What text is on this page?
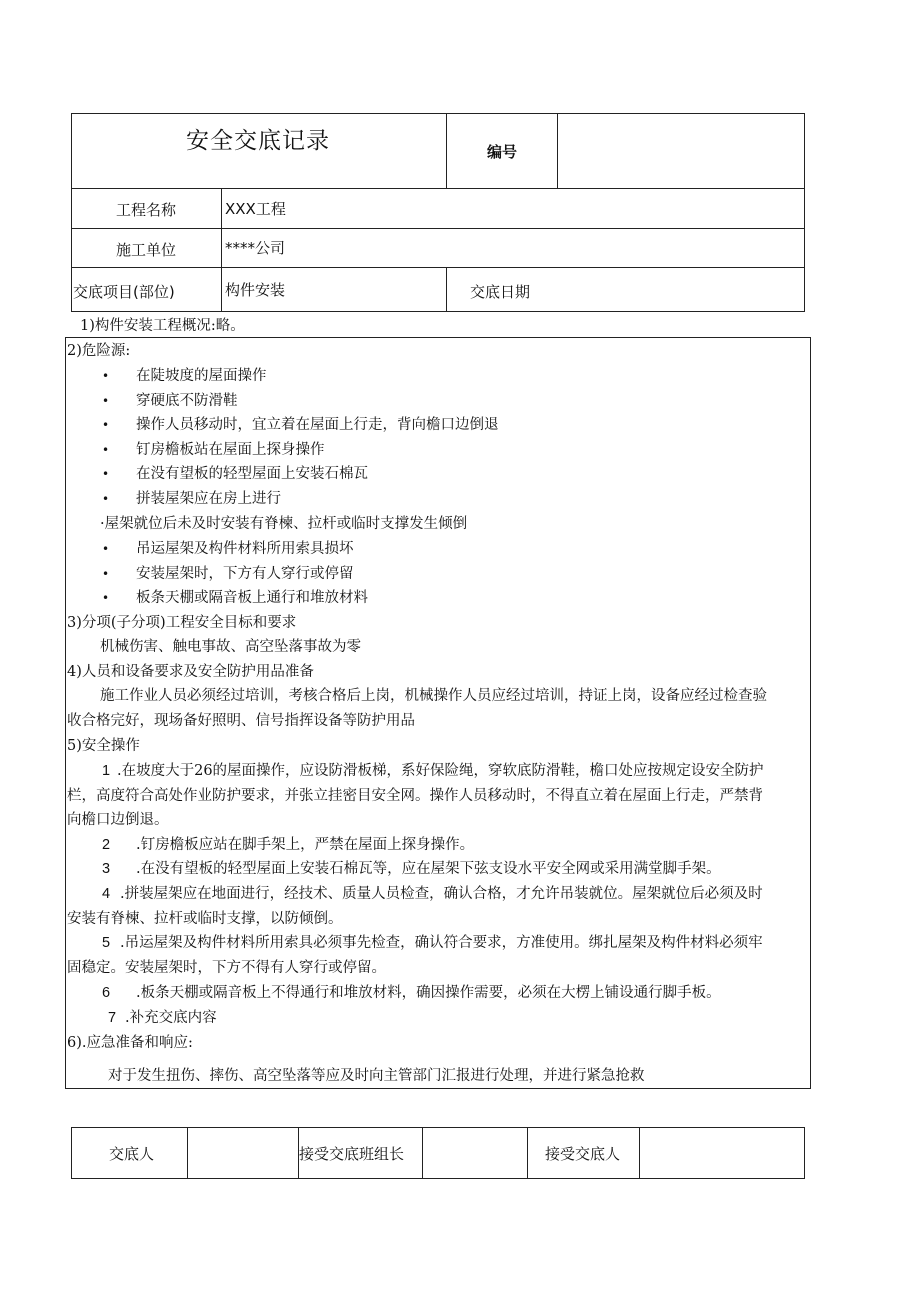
安全交底记录	编号
工程名称	XXX工程
施工单位	****公司
交底项目(部位)	构件安装	交底日期
1)构件安装工程概况:略。
2)危险源:
• 在陡坡度的屋面操作
• 穿硬底不防滑鞋
• 操作人员移动时，宜立着在屋面上行走，背向檐口边倒退
• 钉房檐板站在屋面上探身操作
• 在没有望板的轻型屋面上安装石棉瓦
• 拼装屋架应在房上进行
·屋架就位后未及时安装有脊楝、拉杆或临时支撑发生倾倒
• 吊运屋架及构件材料所用索具损坏
• 安装屋架时，下方有人穿行或停留
• 板条天棚或隔音板上通行和堆放材料
3)分项(子分项)工程安全目标和要求
机械伤害、触电事故、高空坠落事故为零
4)人员和设备要求及安全防护用品准备
施工作业人员必须经过培训，考核合格后上岗，机械操作人员应经过培训，持证上岗，设备应经过检查验
收合格完好，现场备好照明、信号指挥设备等防护用品
5)安全操作
1 .在坡度大于26的屋面操作，应设防滑板梯，系好保险绳，穿软底防滑鞋，檐口处应按规定设安全防护
栏，高度符合高处作业防护要求，并张立挂密目安全网。操作人员移动时，不得直立着在屋面上行走，严禁背
向檐口边倒退。
2 .钉房檐板应站在脚手架上，严禁在屋面上探身操作。
3 .在没有望板的轻型屋面上安装石棉瓦等，应在屋架下弦支设水平安全网或采用满堂脚手架。
4 .拼装屋架应在地面进行，经技术、质量人员检查，确认合格，才允许吊装就位。屋架就位后必须及时
安装有脊楝、拉杆或临时支撑，以防倾倒。
5 .吊运屋架及构件材料所用索具必须事先检查，确认符合要求，方准使用。绑扎屋架及构件材料必须牢
固稳定。安装屋架时，下方不得有人穿行或停留。
6 .板条天棚或隔音板上不得通行和堆放材料，确因操作需要，必须在大楞上铺设通行脚手板。
7 .补充交底内容
6).应急准备和响应:
对于发生扭伤、摔伤、高空坠落等应及时向主管部门汇报进行处理，并进行紧急抢救
交底人	接受交底班组长	接受交底人
